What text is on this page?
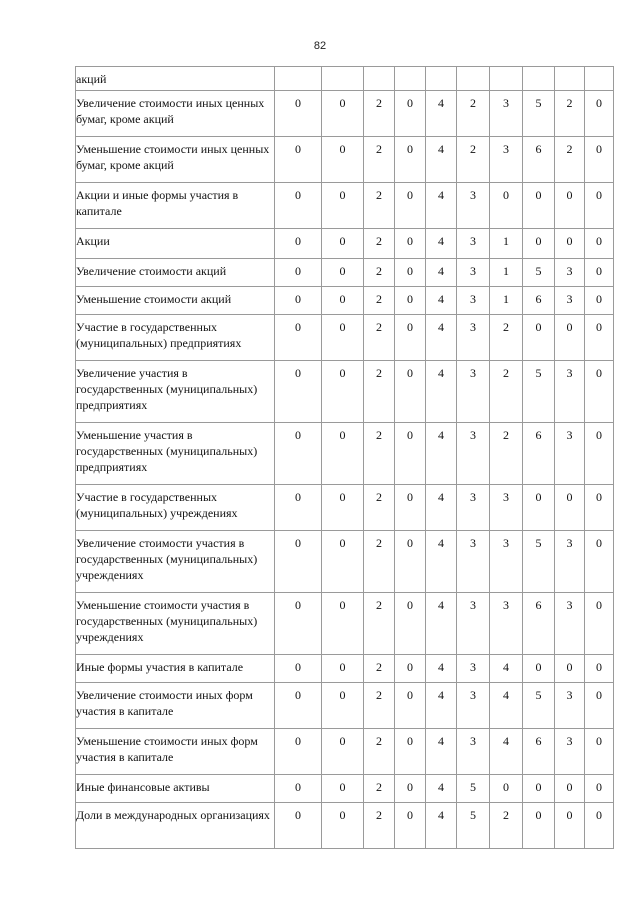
82
акций										
Увеличение стоимости иных ценных бумаг, кроме акций	0	0	2	0	4	2	3	5	2	0
Уменьшение стоимости иных ценных бумаг, кроме акций	0	0	2	0	4	2	3	6	2	0
Акции и иные формы участия в капитале	0	0	2	0	4	3	0	0	0	0
Акции	0	0	2	0	4	3	1	0	0	0
Увеличение стоимости акций	0	0	2	0	4	3	1	5	3	0
Уменьшение стоимости акций	0	0	2	0	4	3	1	6	3	0
Участие в государственных (муниципальных) предприятиях	0	0	2	0	4	3	2	0	0	0
Увеличение участия в государственных (муниципальных) предприятиях	0	0	2	0	4	3	2	5	3	0
Уменьшение участия в государственных (муниципальных) предприятиях	0	0	2	0	4	3	2	6	3	0
Участие в государственных (муниципальных) учреждениях	0	0	2	0	4	3	3	0	0	0
Увеличение стоимости участия в государственных (муниципальных) учреждениях	0	0	2	0	4	3	3	5	3	0
Уменьшение стоимости участия в государственных (муниципальных) учреждениях	0	0	2	0	4	3	3	6	3	0
Иные формы участия в капитале	0	0	2	0	4	3	4	0	0	0
Увеличение стоимости иных форм участия в капитале	0	0	2	0	4	3	4	5	3	0
Уменьшение стоимости иных форм участия в капитале	0	0	2	0	4	3	4	6	3	0
Иные финансовые активы	0	0	2	0	4	5	0	0	0	0
Доли в международных организациях	0	0	2	0	4	5	2	0	0	0
